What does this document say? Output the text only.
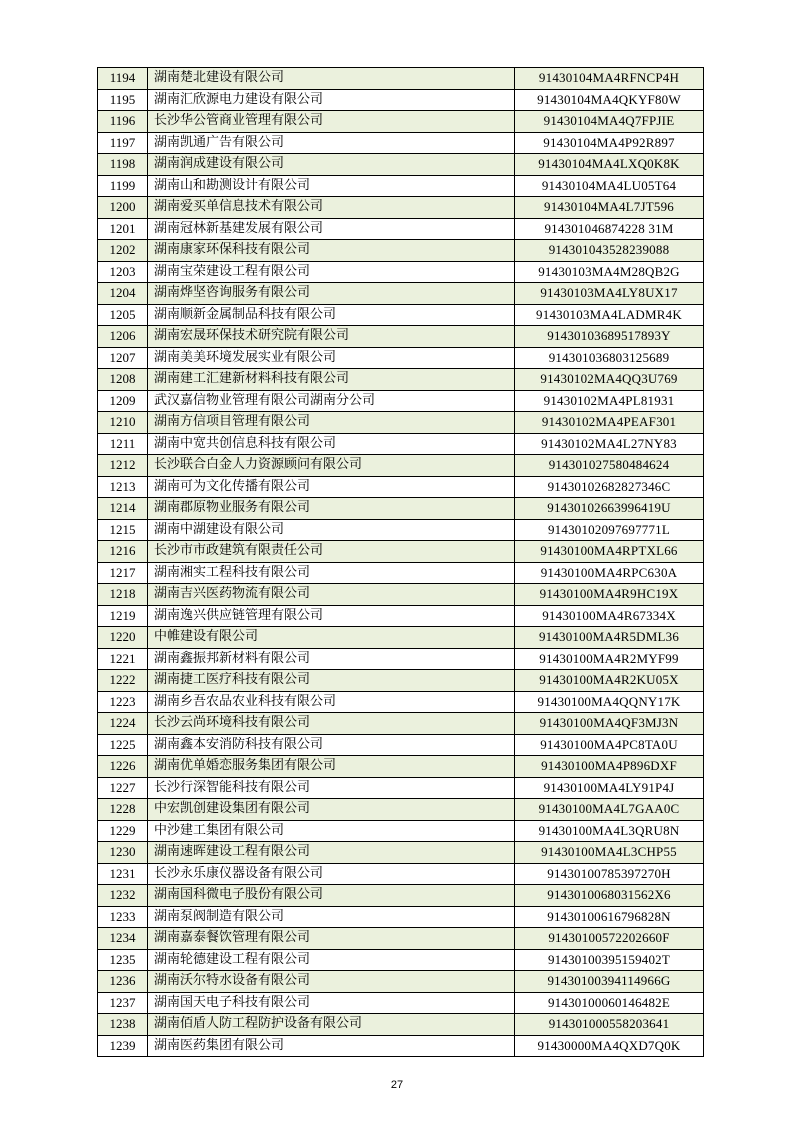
1194	湖南楚北建设有限公司	91430104MA4RFNCP4H
1195	湖南汇欣源电力建设有限公司	91430104MA4QKYF80W
1196	长沙华公管商业管理有限公司	91430104MA4Q7FPJIE
1197	湖南凯通广告有限公司	91430104MA4P92R897
1198	湖南润成建设有限公司	91430104MA4LXQ0K8K
1199	湖南山和勘测设计有限公司	91430104MA4LU05T64
1200	湖南爱买单信息技术有限公司	91430104MA4L7JT596
1201	湖南冠林新基建发展有限公司	914301046874228 31M
1202	湖南康家环保科技有限公司	914301043528239088
1203	湖南宝荣建设工程有限公司	91430103MA4M28QB2G
1204	湖南烨坚咨询服务有限公司	91430103MA4LY8UX17
1205	湖南顺新金属制品科技有限公司	91430103MA4LADMR4K
1206	湖南宏晟环保技术研究院有限公司	91430103689517893Y
1207	湖南美美环境发展实业有限公司	914301036803125689
1208	湖南建工汇建新材料科技有限公司	91430102MA4QQ3U769
1209	武汉嘉信物业管理有限公司湖南分公司	91430102MA4PL81931
1210	湖南方信项目管理有限公司	91430102MA4PEAF301
1211	湖南中宽共创信息科技有限公司	91430102MA4L27NY83
1212	长沙联合白金人力资源顾问有限公司	914301027580484624
1213	湖南可为文化传播有限公司	91430102682827346C
1214	湖南郡原物业服务有限公司	91430102663996419U
1215	湖南中湖建设有限公司	91430102097697771L
1216	长沙市市政建筑有限责任公司	91430100MA4RPTXL66
1217	湖南湘实工程科技有限公司	91430100MA4RPC630A
1218	湖南吉兴医药物流有限公司	91430100MA4R9HC19X
1219	湖南逸兴供应链管理有限公司	91430100MA4R67334X
1220	中帷建设有限公司	91430100MA4R5DML36
1221	湖南鑫振邦新材料有限公司	91430100MA4R2MYF99
1222	湖南捷工医疗科技有限公司	91430100MA4R2KU05X
1223	湖南乡吾农品农业科技有限公司	91430100MA4QQNY17K
1224	长沙云尚环境科技有限公司	91430100MA4QF3MJ3N
1225	湖南鑫本安消防科技有限公司	91430100MA4PC8TA0U
1226	湖南优单婚恋服务集团有限公司	91430100MA4P896DXF
1227	长沙行深智能科技有限公司	91430100MA4LY91P4J
1228	中宏凯创建设集团有限公司	91430100MA4L7GAA0C
1229	中沙建工集团有限公司	91430100MA4L3QRU8N
1230	湖南速晖建设工程有限公司	91430100MA4L3CHP55
1231	长沙永乐康仪器设备有限公司	91430100785397270H
1232	湖南国科微电子股份有限公司	9143010068031562X6
1233	湖南泵阀制造有限公司	91430100616796828N
1234	湖南嘉泰餐饮管理有限公司	91430100572202660F
1235	湖南轮德建设工程有限公司	91430100395159402T
1236	湖南沃尔特水设备有限公司	91430100394114966G
1237	湖南国天电子科技有限公司	91430100060146482E
1238	湖南佰盾人防工程防护设备有限公司	914301000558203641
1239	湖南医药集团有限公司	91430000MA4QXD7Q0K
27
